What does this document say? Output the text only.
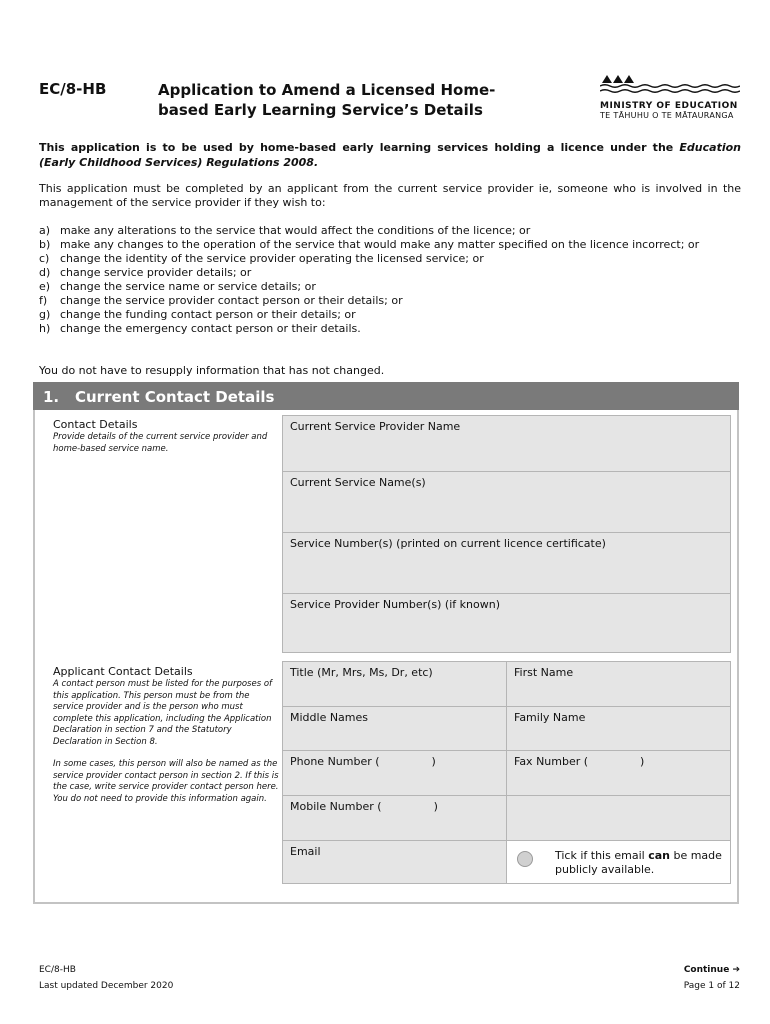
EC/8-HB	Application to Amend a Licensed Home-
based Early Learning Service’s Details	MINISTRY OF EDUCATION
TE TĀHUHU O TE MĀTAURANGA
This application is to be used by home-based early learning services holding a licence under the Education (Early Childhood Services) Regulations 2008.
This application must be completed by an applicant from the current service provider ie, someone who is involved in the management of the service provider if they wish to:
a) make any alterations to the service that would affect the conditions of the licence; or
b) make any changes to the operation of the service that would make any matter specified on the licence incorrect; or
c) change the identity of the service provider operating the licensed service; or
d) change service provider details; or
e) change the service name or service details; or
f)	change the service provider contact person or their details; or
g) change the funding contact person or their details; or
h) change the emergency contact person or their details.
You do not have to resupply information that has not changed.
1. Current Contact Details
Contact Details
Provide details of the current service provider and home-based service name.
Current Service Provider Name
Current Service Name(s)
Service Number(s) (printed on current licence certificate)
Service Provider Number(s) (if known)
Applicant Contact Details
A contact person must be listed for the purposes of this application. This person must be from the service provider and is the person who must complete this application, including the Application Declaration in section 7 and the Statutory Declaration in Section 8.
In some cases, this person will also be named as the service provider contact person in section 2. If this is the case, write service provider contact person here. You do not need to provide this information again.
Title (Mr, Mrs, Ms, Dr, etc)	First Name
Middle Names	Family Name
Phone Number (	)	Fax Number (	)
Mobile Number (	)
Email	Tick if this email can be made publicly available.
EC/8-HB
Last updated December 2020
Continue ➔
Page 1 of 12
